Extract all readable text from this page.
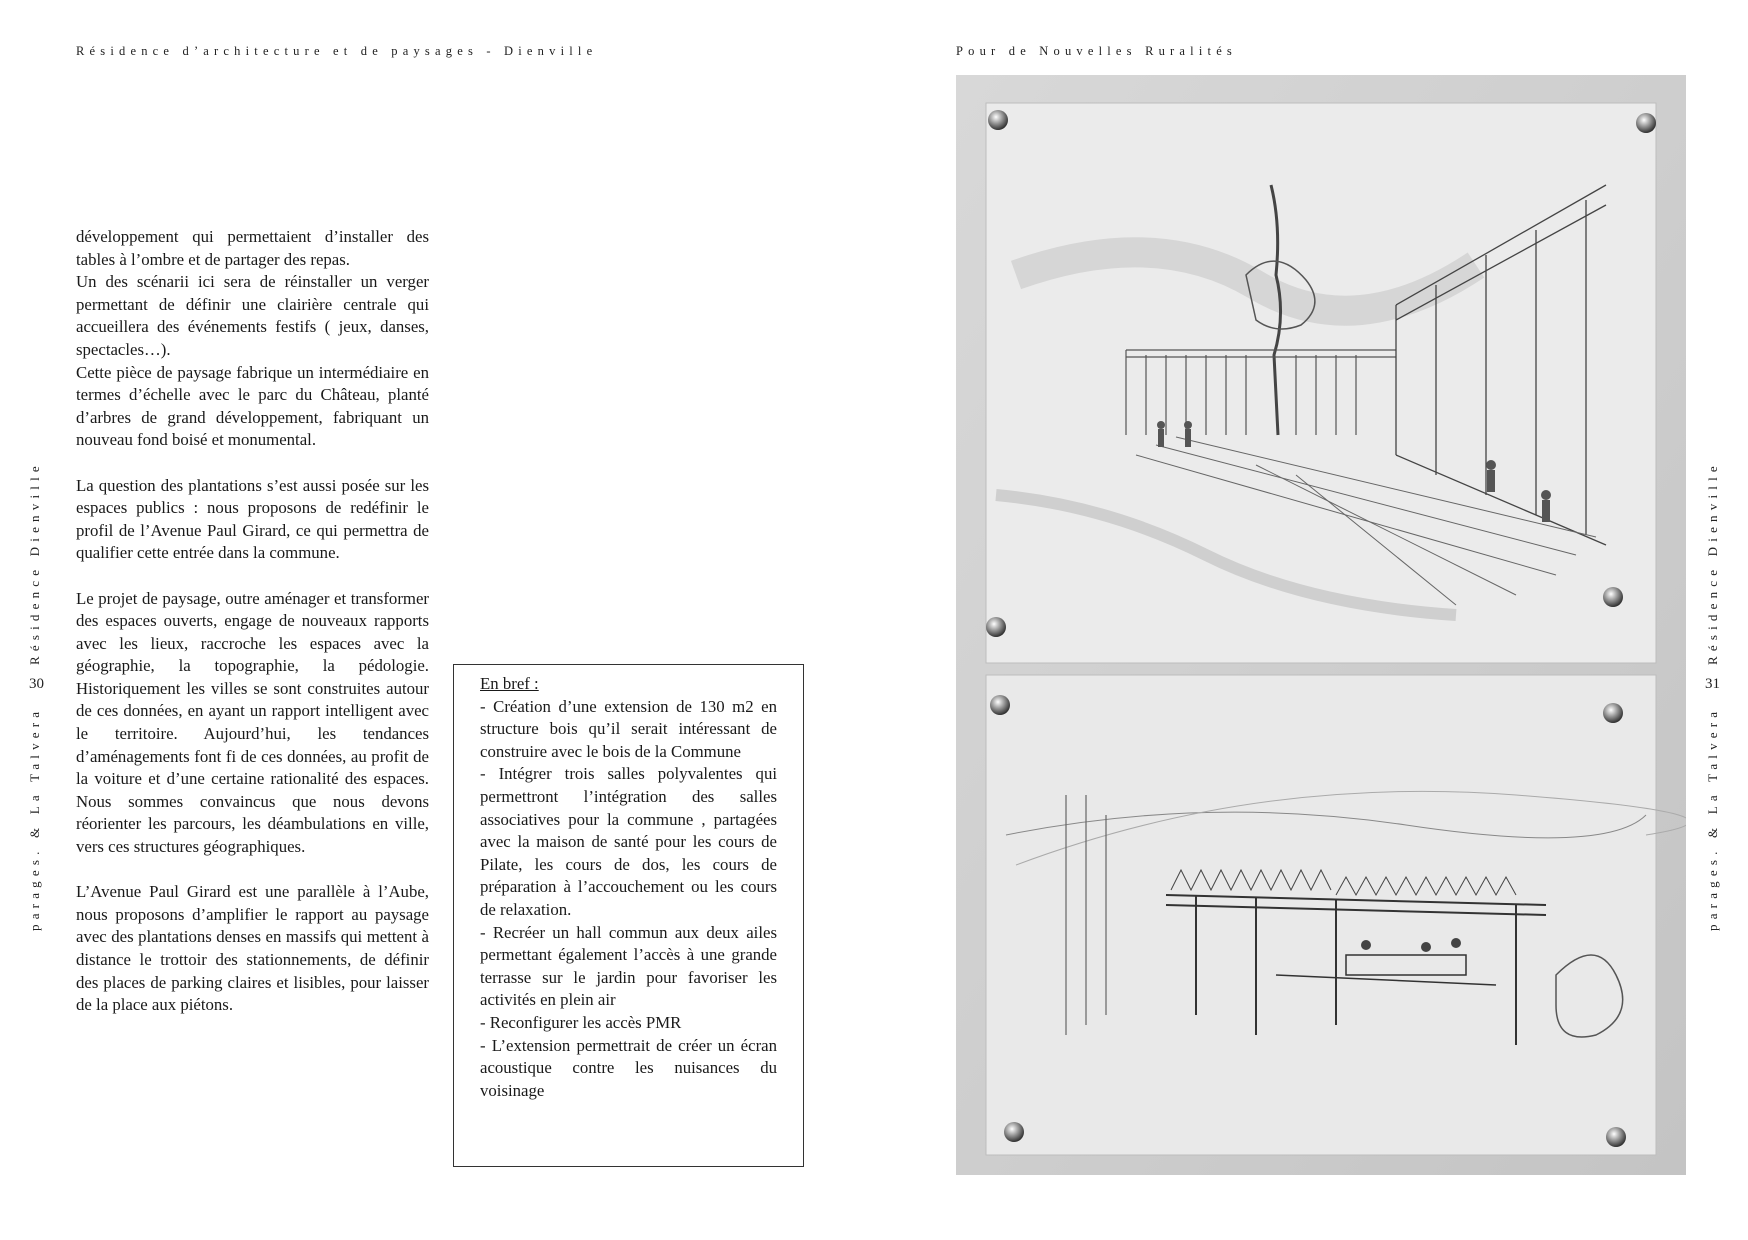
Résidence d’architecture et de paysages - Dienville	Pour de Nouvelles Ruralités

développement qui permettaient d’installer des tables à l’ombre et de partager des repas.

Un des scénarii ici sera de réinstaller un verger permettant de définir une clairière centrale qui accueillera des événements festifs ( jeux, danses, spectacles…).

Cette pièce de paysage fabrique un intermédiaire en termes d’échelle avec le parc du Château, planté d’arbres de grand développement, fabriquant un nouveau fond boisé et monumental.

La question des plantations s’est aussi posée sur les espaces publics : nous proposons de redéfinir le profil de l’Avenue Paul Girard, ce qui permettra de qualifier cette entrée dans la commune.

Le projet de paysage, outre aménager et transformer des espaces ouverts, engage de nouveaux rapports avec les lieux, raccroche les espaces avec la géographie, la topographie, la pédologie. Historiquement les villes se sont construites autour de ces données, en ayant un rapport intelligent avec le territoire. Aujourd’hui, les tendances d’aménagements font fi de ces données, au profit de la voiture et d’une certaine rationalité des espaces. Nous sommes convaincus que nous devons réorienter les parcours, les déambulations en ville, vers ces structures géographiques.

L’Avenue Paul Girard est une parallèle à l’Aube, nous proposons d’amplifier le rapport au paysage avec des plantations denses en massifs qui mettent à distance le trottoir des stationnements, de définir des places de parking claires et lisibles, pour laisser de la place aux piétons.

En bref :

- Création d’une extension de 130 m2 en structure bois qu’il serait intéressant de construire avec le bois de la Commune

- Intégrer trois salles polyvalentes qui permettront l’intégration des salles associatives pour la commune , partagées avec la maison de santé pour les cours de Pilate, les cours de dos, les cours de préparation à l’accouchement ou les cours de relaxation.

- Recréer un hall commun aux deux ailes permettant également l’accès à une grande terrasse sur le jardin pour favoriser les activités en plein air

- Reconfigurer les accès PMR

- L’extension permettrait de créer un écran acoustique contre les nuisances du voisinage

Résidence Dienville
30
parages. & La Talvera
Résidence Dienville
31
parages. & La Talvera
